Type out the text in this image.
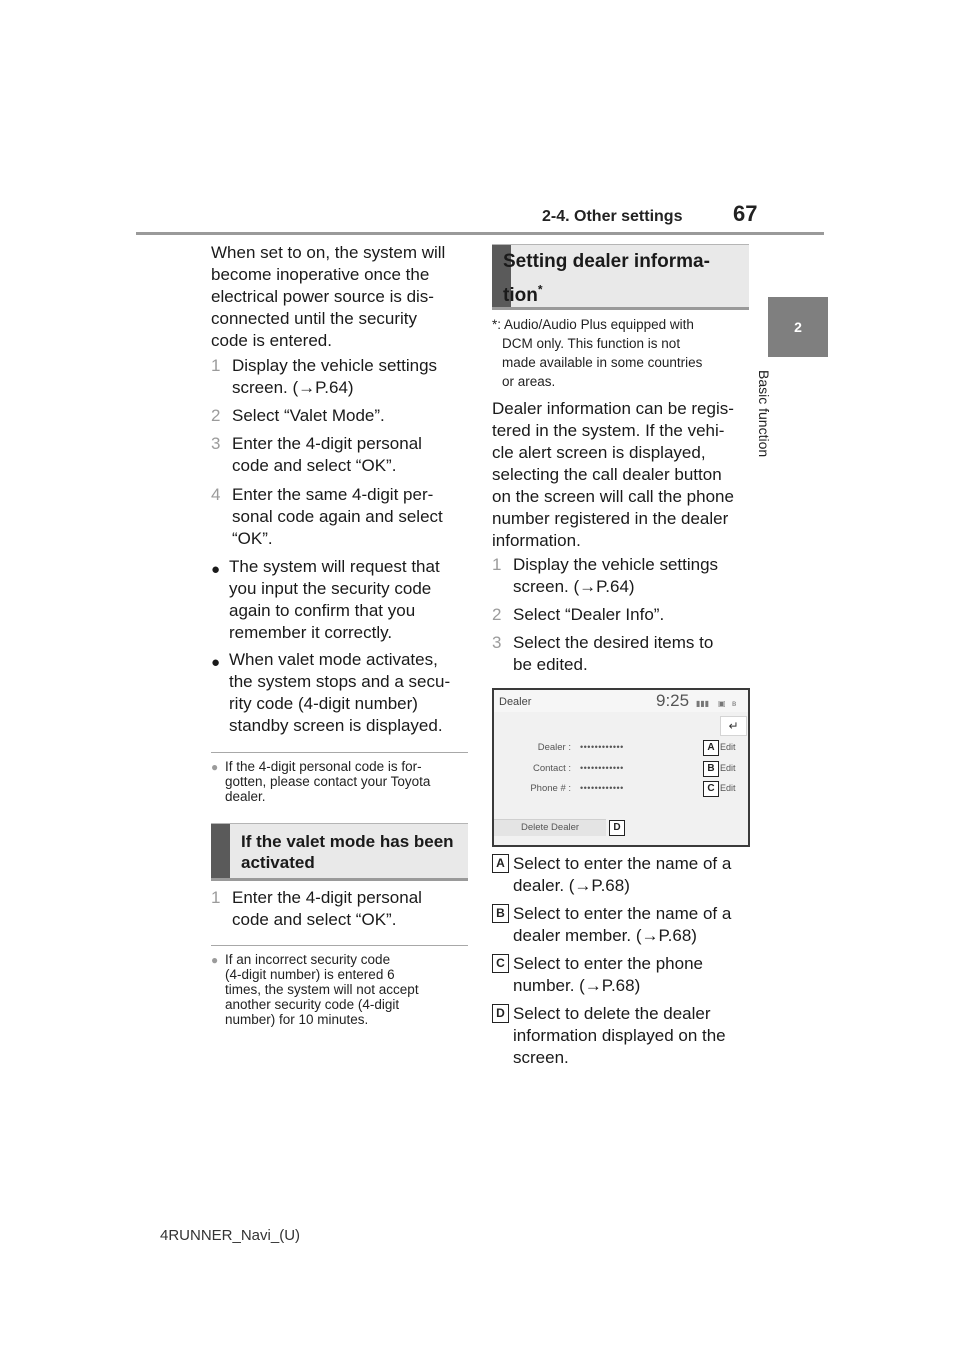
2-4. Other settings 67
2
Basic function
When set to on, the system will
become inoperative once the
electrical power source is dis-
connected until the security
code is entered.
1 Display the vehicle settings
screen. (→P.64)
2 Select “Valet Mode”.
3 Enter the 4-digit personal
code and select “OK”.
4 Enter the same 4-digit per-
sonal code again and select
“OK”.
● The system will request that
you input the security code
again to confirm that you
remember it correctly.
● When valet mode activates,
the system stops and a secu-
rity code (4-digit number)
standby screen is displayed.
● If the 4-digit personal code is for-
gotten, please contact your Toyota
dealer.
If the valet mode has been
activated
1 Enter the 4-digit personal
code and select “OK”.
● If an incorrect security code
(4-digit number) is entered 6
times, the system will not accept
another security code (4-digit
number) for 10 minutes.
Setting dealer informa-
tion*
*: Audio/Audio Plus equipped with
DCM only. This function is not
made available in some countries
or areas.
Dealer information can be regis-
tered in the system. If the vehi-
cle alert screen is displayed,
selecting the call dealer button
on the screen will call the phone
number registered in the dealer
information.
1 Display the vehicle settings
screen. (→P.64)
2 Select “Dealer Info”.
3 Select the desired items to
be edited.
Dealer	9:25 ▮▮▮ ▣ ʙ
↵
Dealer : ••••••••••••	A Edit
Contact : ••••••••••••	B Edit
Phone # : ••••••••••••	C Edit
Delete Dealer	D
A Select to enter the name of a
dealer. (→P.68)
B Select to enter the name of a
dealer member. (→P.68)
C Select to enter the phone
number. (→P.68)
D Select to delete the dealer
information displayed on the
screen.
4RUNNER_Navi_(U)
